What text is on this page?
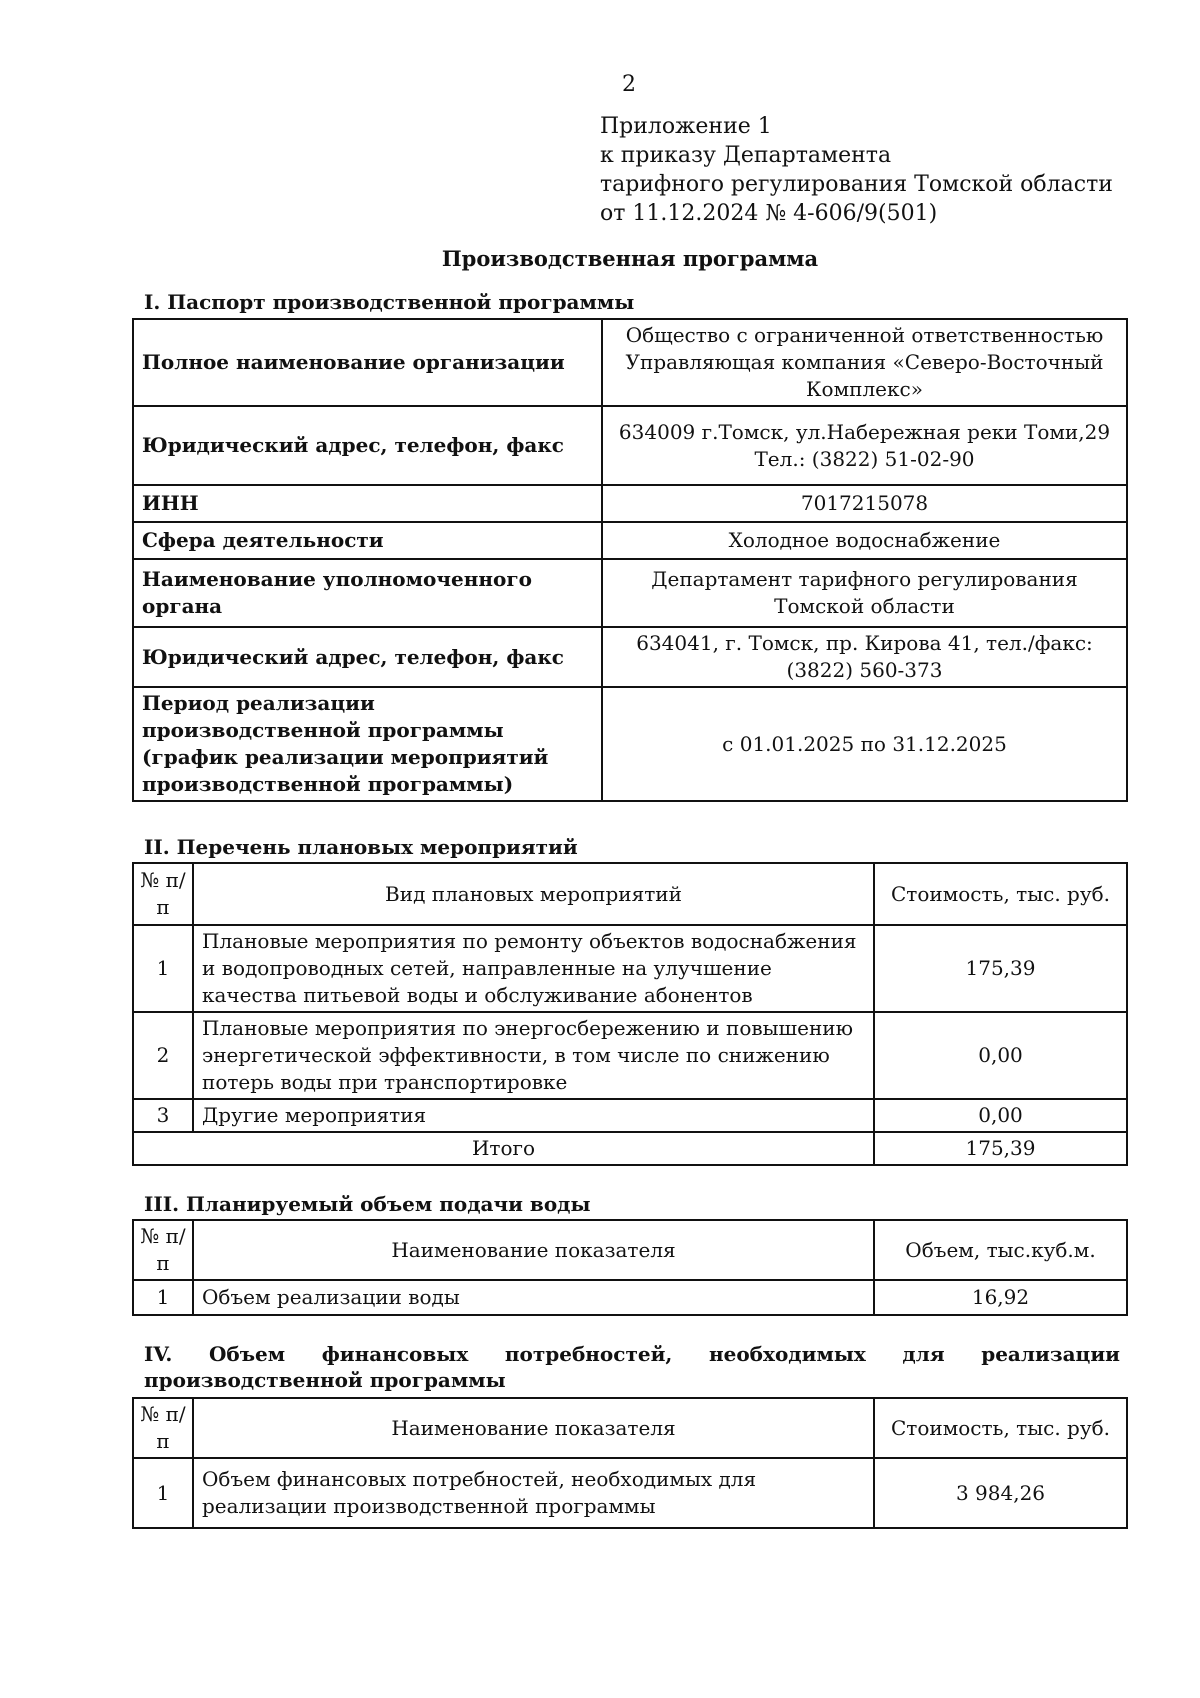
2
Приложение 1
к приказу Департамента
тарифного регулирования Томской области
от 11.12.2024 № 4-606/9(501)
Производственная программа
I. Паспорт производственной программы
Полное наименование организации	Общество с ограниченной ответственностью Управляющая компания «Северо-Восточный Комплекс»
Юридический адрес, телефон, факс	634009 г.Томск, ул.Набережная реки Томи,29 Тел.: (3822) 51-02-90
ИНН	7017215078
Сфера деятельности	Холодное водоснабжение
Наименование уполномоченного органа	Департамент тарифного регулирования Томской области
Юридический адрес, телефон, факс	634041, г. Томск, пр. Кирова 41, тел./факс: (3822) 560-373
Период реализации производственной программы (график реализации мероприятий производственной программы)	с 01.01.2025 по 31.12.2025
II. Перечень плановых мероприятий
№ п/п	Вид плановых мероприятий	Стоимость, тыс. руб.
1	Плановые мероприятия по ремонту объектов водоснабжения и водопроводных сетей, направленные на улучшение качества питьевой воды и обслуживание абонентов	175,39
2	Плановые мероприятия по энергосбережению и повышению энергетической эффективности, в том числе по снижению потерь воды при транспортировке	0,00
3	Другие мероприятия	0,00
Итого		175,39
III. Планируемый объем подачи воды
№ п/п	Наименование показателя	Объем, тыс.куб.м.
1	Объем реализации воды	16,92
IV. Объем финансовых потребностей, необходимых для реализации производственной программы
№ п/п	Наименование показателя	Стоимость, тыс. руб.
1	Объем финансовых потребностей, необходимых для реализации производственной программы	3 984,26
